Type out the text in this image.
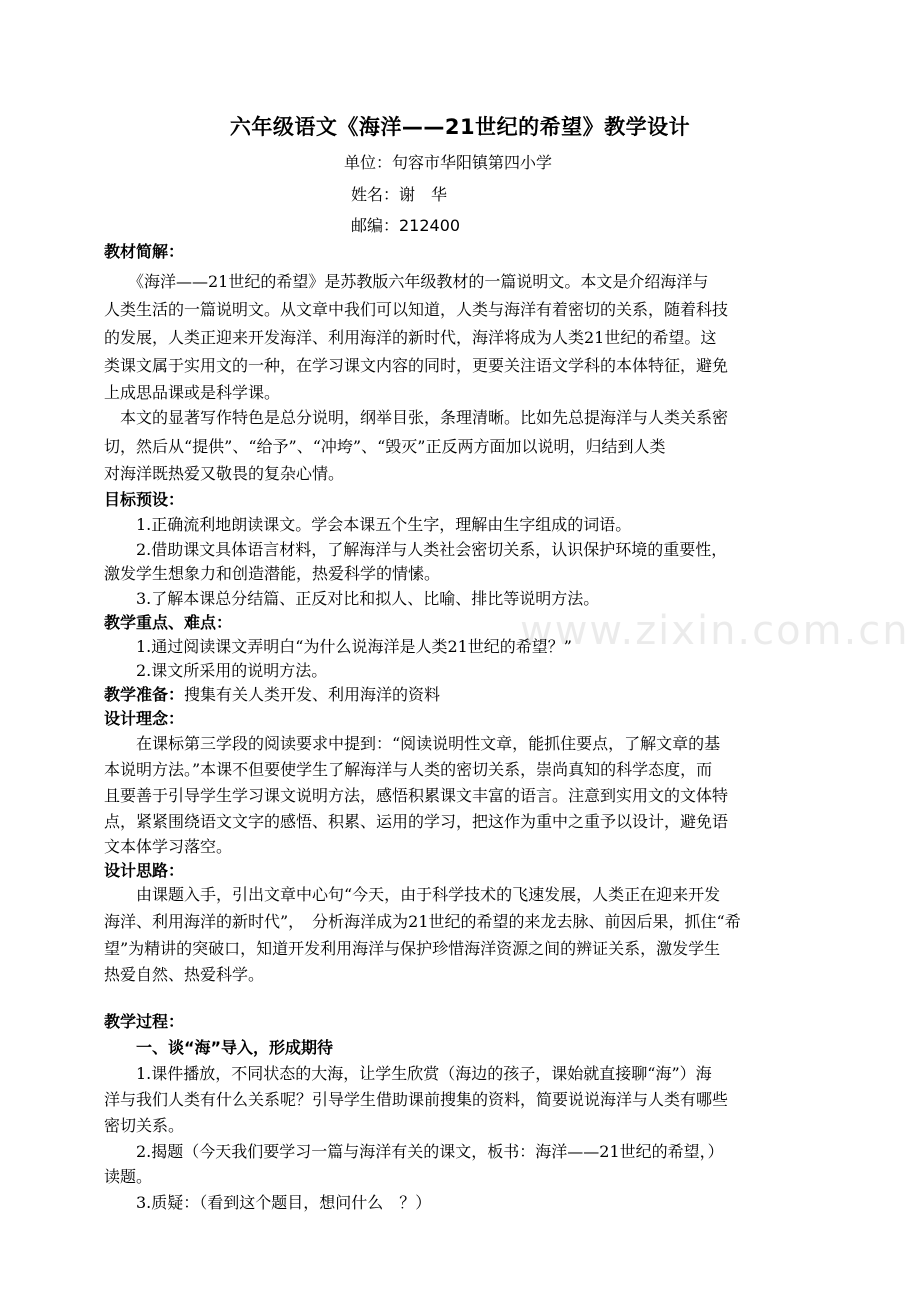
六年级语文《海洋——21世纪的希望》教学设计
单位：句容市华阳镇第四小学
姓名：谢　华
邮编：212400
www.zixin.com.cn
教材简解：
　　《海洋——21世纪的希望》是苏教版六年级教材的一篇说明文。本文是介绍海洋与
人类生活的一篇说明文。从文章中我们可以知道，人类与海洋有着密切的关系，随着科技
的发展，人类正迎来开发海洋、利用海洋的新时代，海洋将成为人类21世纪的希望。这
类课文属于实用文的一种，在学习课文内容的同时，更要关注语文学科的本体特征，避免
上成思品课或是科学课。
　本文的显著写作特色是总分说明，纲举目张，条理清晰。比如先总提海洋与人类关系密
切，然后从“提供”、“给予”、“冲垮”、“毁灭”正反两方面加以说明，归结到人类
对海洋既热爱又敬畏的复杂心情。
目标预设：
　　1.正确流利地朗读课文。学会本课五个生字，理解由生字组成的词语。
　　2.借助课文具体语言材料，了解海洋与人类社会密切关系，认识保护环境的重要性，
激发学生想象力和创造潜能，热爱科学的情愫。
　　3.了解本课总分结篇、正反对比和拟人、比喻、排比等说明方法。
教学重点、难点：
　　1.通过阅读课文弄明白“为什么说海洋是人类21世纪的希望？”
　　2.课文所采用的说明方法。
教学准备：搜集有关人类开发、利用海洋的资料
设计理念：
　　在课标第三学段的阅读要求中提到：“阅读说明性文章，能抓住要点，了解文章的基
本说明方法。”本课不但要使学生了解海洋与人类的密切关系，崇尚真知的科学态度，而
且要善于引导学生学习课文说明方法，感悟积累课文丰富的语言。注意到实用文的文体特
点，紧紧围绕语文文字的感悟、积累、运用的学习，把这作为重中之重予以设计，避免语
文本体学习落空。
设计思路：
　　由课题入手，引出文章中心句“今天，由于科学技术的飞速发展，人类正在迎来开发
海洋、利用海洋的新时代”，　分析海洋成为21世纪的希望的来龙去脉、前因后果，抓住“希
望”为精讲的突破口，知道开发利用海洋与保护珍惜海洋资源之间的辨证关系，激发学生
热爱自然、热爱科学。
教学过程：
　　一、谈“海”导入，形成期待
　　1.课件播放，不同状态的大海，让学生欣赏（海边的孩子，课始就直接聊“海”）海
洋与我们人类有什么关系呢？引导学生借助课前搜集的资料，简要说说海洋与人类有哪些
密切关系。
　　2.揭题（今天我们要学习一篇与海洋有关的课文，板书：海洋——21世纪的希望，）
读题。
　　3.质疑：（看到这个题目，想问什么　？）
